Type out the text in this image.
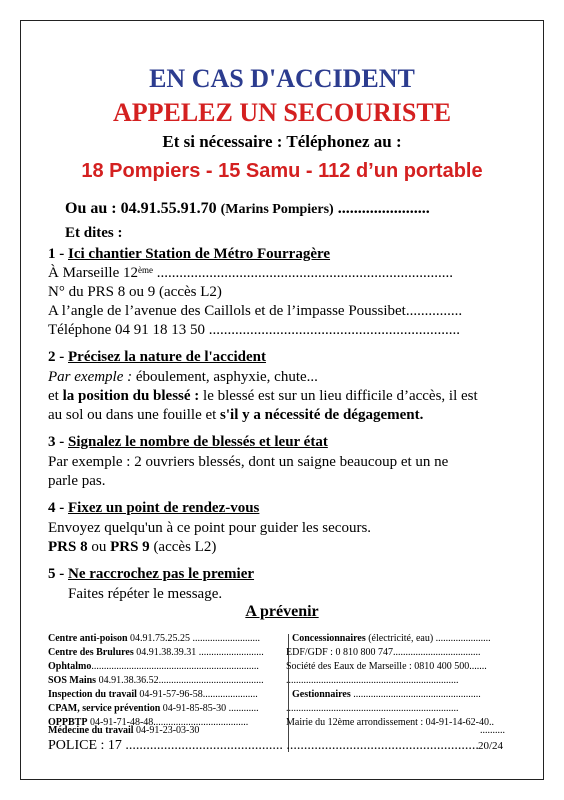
EN CAS D'ACCIDENT
APPELEZ UN SECOURISTE
Et si nécessaire : Téléphonez au :
18 Pompiers - 15 Samu - 112 d’un portable
Ou au : 04.91.55.91.70 (Marins Pompiers) .......................
Et dites :
1 - Ici chantier Station de Métro Fourragère
À Marseille 12ème ...............................................................................
N° du PRS 8 ou 9 (accès L2)
A l’angle de l’avenue des Caillols et de l’impasse Poussibet...............
Téléphone 04 91 18 13 50 ...................................................................
2 - Précisez la nature de l'accident
Par exemple : éboulement, asphyxie, chute...
et la position du blessé : le blessé est sur un lieu difficile d’accès, il est
au sol ou dans une fouille et s'il y a nécessité de dégagement.
3 - Signalez le nombre de blessés et leur état
Par exemple : 2 ouvriers blessés, dont un saigne beaucoup et un ne
parle pas.
4 - Fixez un point de rendez-vous
Envoyez quelqu'un à ce point pour guider les secours.
PRS 8 ou PRS 9 (accès L2)
5 - Ne raccrochez pas le premier
Faites répéter le message.
A prévenir
Centre anti-poison 04.91.75.25.25 ...........................
Centre des Brulures 04.91.38.39.31 ..........................
Ophtalmo...................................................................
SOS Mains 04.91.38.36.52..........................................
Inspection du travail 04-91-57-96-58......................
CPAM, service prévention 04-91-85-85-30 ............
OPPBTP 04-91-71-48-48......................................
Médecine du travail 04-91-23-03-30
Concessionnaires (électricité, eau) ......................
EDF/GDF : 0 810 800 747...................................
Société des Eaux de Marseille : 0810 400 500.......
.....................................................................
Gestionnaires ...................................................
.....................................................................
Mairie du 12ème arrondissement : 04-91-14-62-40..
..........
POLICE : 17 ............................................. ....................................................... 20/24
